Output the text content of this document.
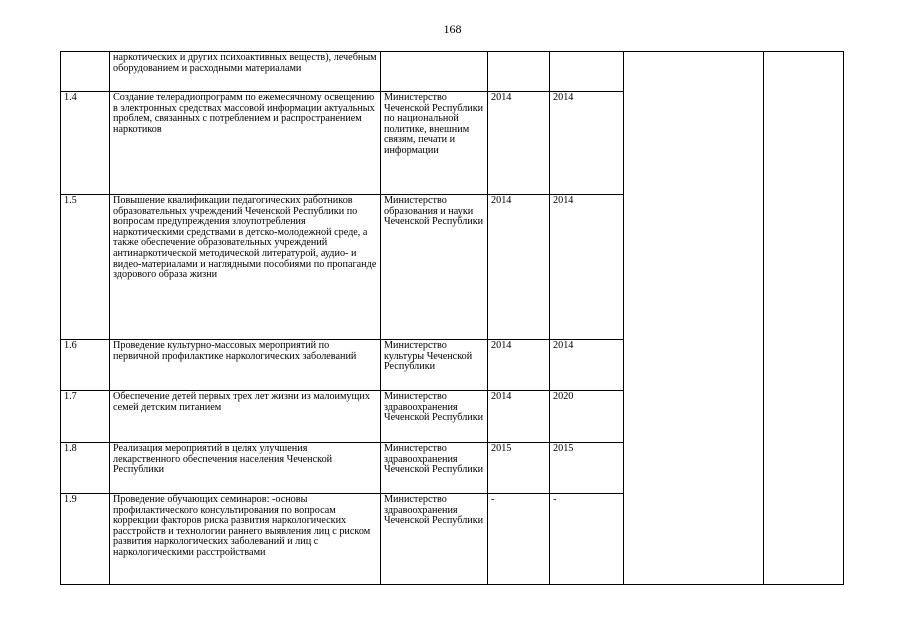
168
	наркотических и других психоактивных веществ), лечебным оборудованием и расходными материалами					
1.4	Создание телерадиопрограмм по ежемесячному освещению в электронных средствах массовой информации актуальных проблем, связанных с потреблением и распространением наркотиков	Министерство Чеченской Республики по национальной политике, внешним связям, печати и информации	2014	2014		
1.5	Повышение квалификации педагогических работников образовательных учреждений Чеченской Республики по вопросам предупреждения злоупотребления наркотическими средствами в детско-молодежной среде, а также обеспечение образовательных учреждений антинаркотической методической литературой, аудио- и видео-материалами и наглядными пособиями по пропаганде здорового образа жизни	Министерство образования и науки Чеченской Республики	2014	2014		
1.6	Проведение культурно-массовых мероприятий по первичной профилактике наркологических заболеваний	Министерство культуры Чеченской Республики	2014	2014		
1.7	Обеспечение детей первых трех лет жизни из малоимущих семей детским питанием	Министерство здравоохранения Чеченской Республики	2014	2020		
1.8	Реализация мероприятий в целях улучшения лекарственного обеспечения населения Чеченской Республики	Министерство здравоохранения Чеченской Республики	2015	2015		
1.9	Проведение обучающих семинаров: -основы профилактического консультирования по вопросам коррекции факторов риска развития наркологических расстройств и технологии раннего выявления лиц с риском развития наркологических заболеваний и лиц с наркологическими расстройствами	Министерство здравоохранения Чеченской Республики	-	-		
